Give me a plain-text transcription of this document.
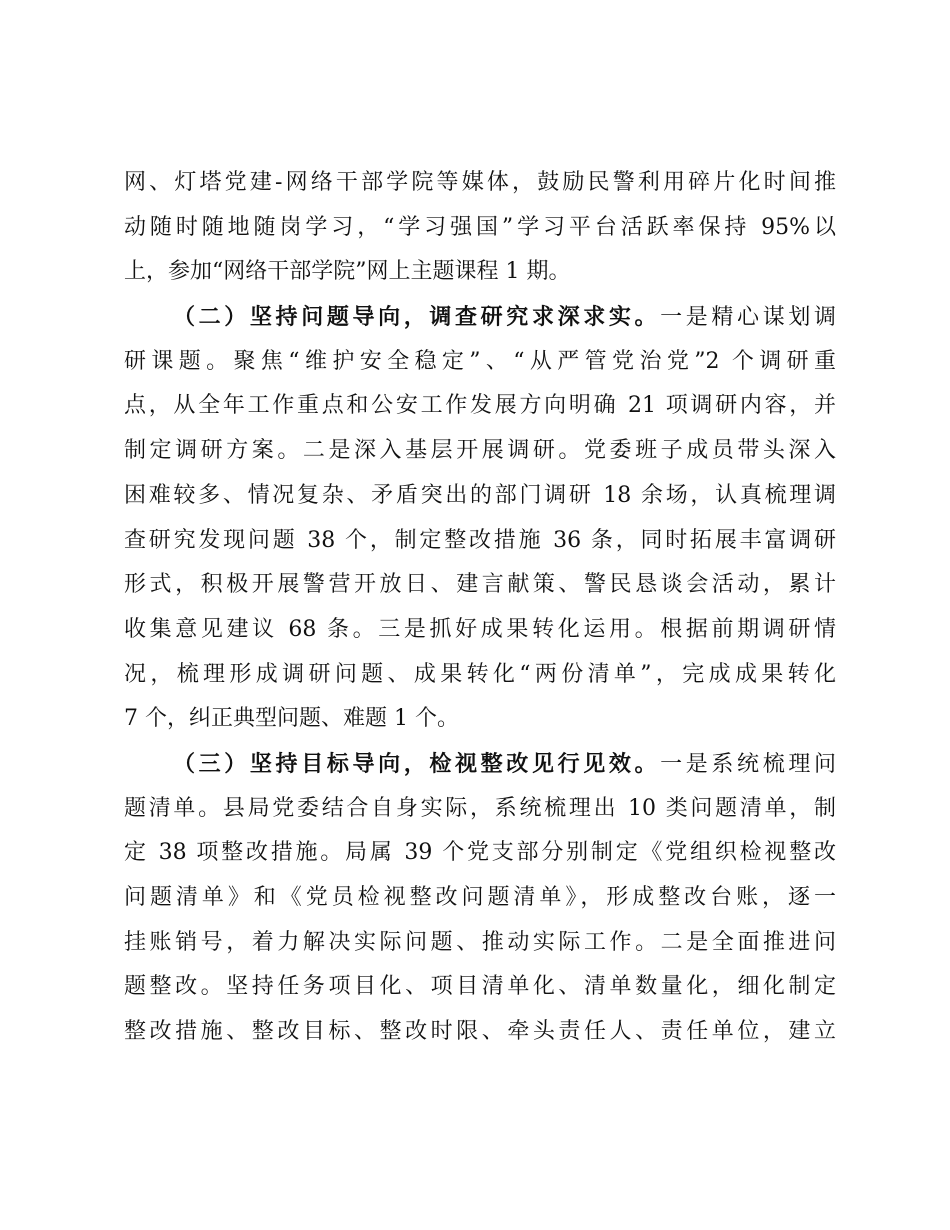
网、灯塔党建-网络干部学院等媒体，鼓励民警利用碎片化时间推
动随时随地随岗学习，“学习强国”学习平台活跃率保持 95%以
上，参加“网络干部学院”网上主题课程 1 期。
（二）坚持问题导向，调查研究求深求实。一是精心谋划调
研课题。聚焦“维护安全稳定”、“从严管党治党”2 个调研重
点，从全年工作重点和公安工作发展方向明确 21 项调研内容，并
制定调研方案。二是深入基层开展调研。党委班子成员带头深入
困难较多、情况复杂、矛盾突出的部门调研 18 余场，认真梳理调
查研究发现问题 38 个，制定整改措施 36 条，同时拓展丰富调研
形式，积极开展警营开放日、建言献策、警民恳谈会活动，累计
收集意见建议 68 条。三是抓好成果转化运用。根据前期调研情
况，梳理形成调研问题、成果转化“两份清单”，完成成果转化
7 个，纠正典型问题、难题 1 个。
（三）坚持目标导向，检视整改见行见效。一是系统梳理问
题清单。县局党委结合自身实际，系统梳理出 10 类问题清单，制
定 38 项整改措施。局属 39 个党支部分别制定《党组织检视整改
问题清单》和《党员检视整改问题清单》，形成整改台账，逐一
挂账销号，着力解决实际问题、推动实际工作。二是全面推进问
题整改。坚持任务项目化、项目清单化、清单数量化，细化制定
整改措施、整改目标、整改时限、牵头责任人、责任单位，建立
